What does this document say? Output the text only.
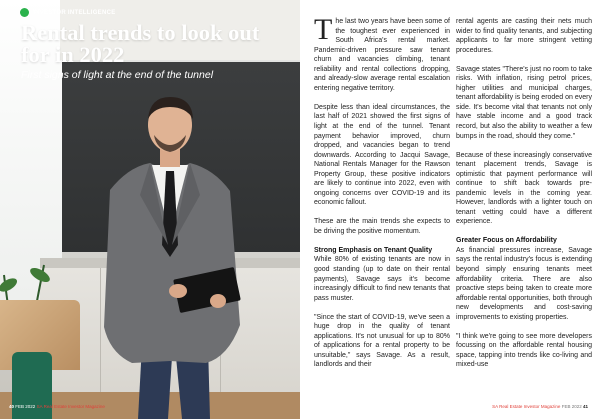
INVESTOR INTELLIGENCE
Rental trends to look out for in 2022

First signs of light at the end of the tunnel

40 FEB 2022 SA Real Estate Investor Magazine

The last two years have been some of the toughest ever experienced in South Africa's rental market. Pandemic-driven pressure saw tenant churn and vacancies climbing, tenant reliability and rental collections dropping, and already-slow average rental escalation entering negative territory.

Despite less than ideal circumstances, the last half of 2021 showed the first signs of light at the end of the tunnel. Tenant payment behavior improved, churn dropped, and vacancies began to trend downwards. According to Jacqui Savage, National Rentals Manager for the Rawson Property Group, these positive indicators are likely to continue into 2022, even with ongoing concerns over COVID-19 and its economic fallout.

These are the main trends she expects to be driving the positive momentum.

Strong Emphasis on Tenant Quality

While 80% of existing tenants are now in good standing (up to date on their rental payments), Savage says it's become increasingly difficult to find new tenants that pass muster.

"Since the start of COVID-19, we've seen a huge drop in the quality of tenant applications. It's not unusual for up to 80% of applications for a rental property to be unsuitable," says Savage. As a result, landlords and their

rental agents are casting their nets much wider to find quality tenants, and subjecting applicants to far more stringent vetting procedures.

Savage states "There's just no room to take risks. With inflation, rising petrol prices, higher utilities and municipal charges, tenant affordability is being eroded on every side. It's become vital that tenants not only have stable income and a good track record, but also the ability to weather a few bumps in the road, should they come."

Because of these increasingly conservative tenant placement trends, Savage is optimistic that payment performance will continue to shift back towards pre-pandemic levels in the coming year. However, landlords with a lighter touch on tenant vetting could have a different experience.

Greater Focus on Affordability

As financial pressures increase, Savage says the rental industry's focus is extending beyond simply ensuring tenants meet affordability criteria. There are also proactive steps being taken to create more affordable rental opportunities, both through new developments and cost-saving improvements to existing properties.

"I think we're going to see more developers focussing on the affordable rental housing space, tapping into trends like co-living and mixed-use

SA Real Estate Investor Magazine FEB 2022 41
